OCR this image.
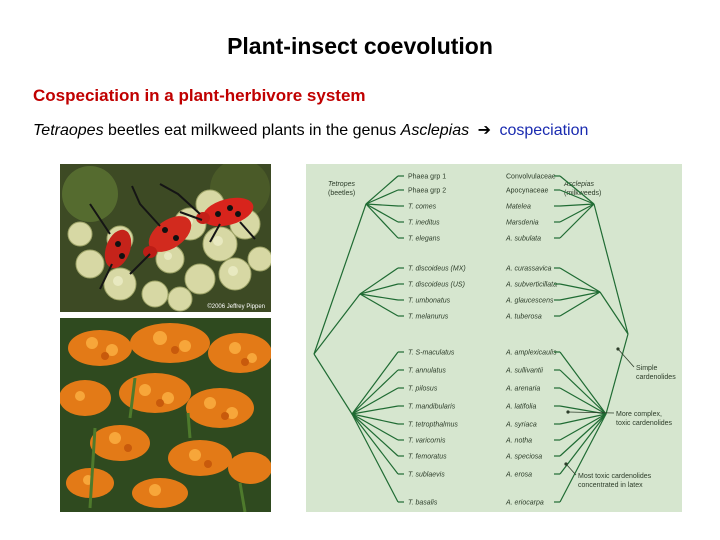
Plant-insect coevolution
Cospeciation in a plant-herbivore system
Tetraopes beetles eat milkweed plants in the genus Asclepias ➔ cospeciation
©2006 Jeffrey Pippen
Tetropes
(beetles)
Asclepias
(milkweeds)
Phaea grp 1
Phaea grp 2
T. comes
T. ineditus
T. elegans
T. discoideus (MX)
T. discoideus (US)
T. umbonatus
T. melanurus
T. S-maculatus
T. annulatus
T. pilosus
T. mandibularis
T. tetropthalmus
T. varicornis
T. femoratus
T. sublaevis
T. basalis
Convolvulaceae
Apocynaceae
Matelea
Marsdenia
A. subulata
A. curassavica
A. subverticillata
A. glaucescens
A. tuberosa
A. amplexicaulis
A. sullivantii
A. arenaria
A. latifolia
A. syriaca
A. notha
A. speciosa
A. erosa
A. eriocarpa
Simple
cardenolides
More complex,
toxic cardenolides
Most toxic cardenolides
concentrated in latex
